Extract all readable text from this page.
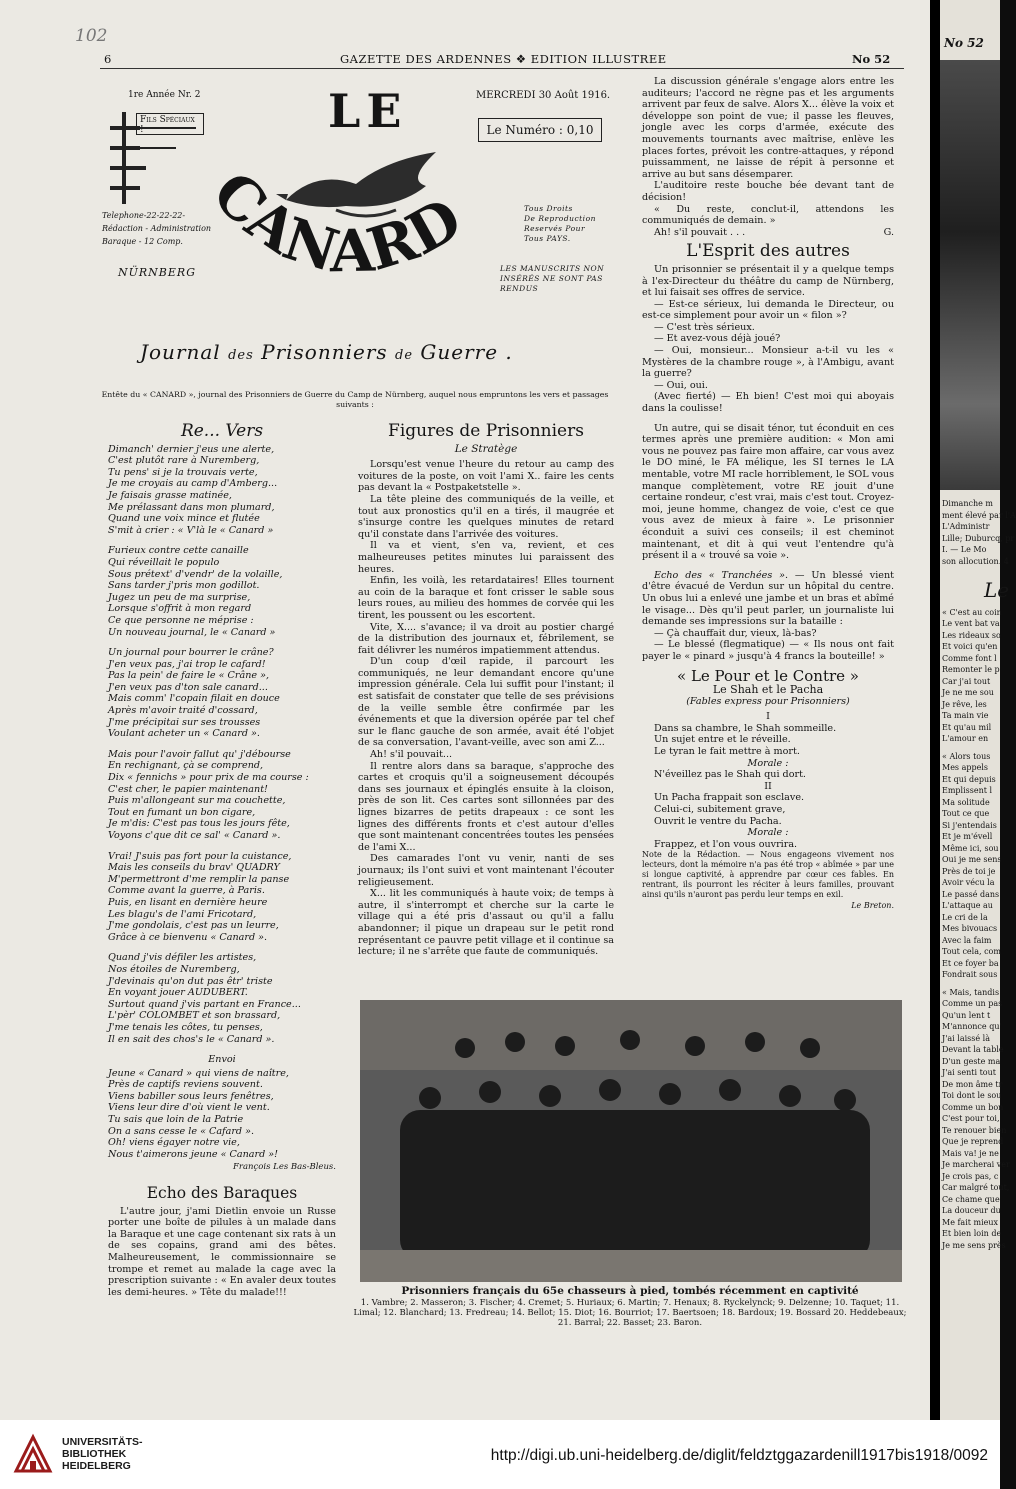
102
6	GAZETTE DES ARDENNES ❖ EDITION ILLUSTREE	No 52
1re Année Nr. 2	MERCREDI 30 Août 1916.
Fils Spéciaux !	Le Numéro : 0,10
LE
CANARD
Telephone-22-22-22-
Rédaction - Administration
Baraque - 12 Comp.
NÜRNBERG
Tous Droits
De Reproduction
Reservés Pour
Tous PAYS.
LES MANUSCRITS NON
INSÉRÉS NE SONT PAS RENDUS
Journal des Prisonniers de Guerre .
Entête du « CANARD », journal des Prisonniers de Guerre du Camp de Nürnberg, auquel nous empruntons les vers et passages suivants :
Re... Vers
Dimanch' dernier j'eus une alerte,
C'est plutôt rare à Nuremberg,
Tu pens' si je la trouvais verte,
Je me croyais au camp d'Amberg...
Je faisais grasse matinée,
Me prélassant dans mon plumard,
Quand une voix mince et flutée
S'mit à crier : « V'là le « Canard »
Furieux contre cette canaille
Qui réveillait le populo
Sous prétext' d'vendr' de la volaille,
Sans tarder j'pris mon godillot.
Jugez un peu de ma surprise,
Lorsque s'offrit à mon regard
Ce que personne ne méprise :
Un nouveau journal, le « Canard »
Un journal pour bourrer le crâne?
J'en veux pas, j'ai trop le cafard!
Pas la pein' de faire le « Crâne »,
J'en veux pas d'ton sale canard...
Mais comm' l'copain filait en douce
Après m'avoir traité d'cossard,
J'me précipitai sur ses trousses
Voulant acheter un « Canard ».
Mais pour l'avoir fallut qu' j'débourse
En rechignant, çà se comprend,
Dix « fennichs » pour prix de ma course :
C'est cher, le papier maintenant!
Puis m'allongeant sur ma couchette,
Tout en fumant un bon cigare,
Je m'dis: C'est pas tous les jours fête,
Voyons c'que dit ce sal' « Canard ».
Vrai! J'suis pas fort pour la cuistance,
Mais les conseils du brav' QUADRY
M'permettront d'me remplir la panse
Comme avant la guerre, à Paris.
Puis, en lisant en dernière heure
Les blagu's de l'ami Fricotard,
J'me gondolais, c'est pas un leurre,
Grâce à ce bienvenu « Canard ».
Quand j'vis défiler les artistes,
Nos étoiles de Nuremberg,
J'devinais qu'on dut pas êtr' triste
En voyant jouer AUDUBERT.
Surtout quand j'vis partant en France...
L'pèr' COLOMBET et son brassard,
J'me tenais les côtes, tu penses,
Il en sait des chos's le « Canard ».
Envoi
Jeune « Canard » qui viens de naître,
Près de captifs reviens souvent.
Viens babiller sous leurs fenêtres,
Viens leur dire d'où vient le vent.
Tu sais que loin de la Patrie
On a sans cesse le « Cafard ».
Oh! viens égayer notre vie,
Nous t'aimerons jeune « Canard »!
François Les Bas-Bleus.
Echo des Baraques

L'autre jour, j'ami Dietlin envoie un Russe porter une boîte de pilules à un malade dans la Baraque et une cage contenant six rats à un de ses copains, grand ami des bêtes. Malheureusement, le commissionnaire se trompe et remet au malade la cage avec la prescription suivante : « En avaler deux toutes les demi-heures. » Tête du malade!!!

Figures de Prisonniers
Le Stratège

Lorsqu'est venue l'heure du retour au camp des voitures de la poste, on voit l'ami X.. faire les cents pas devant la « Postpaketstelle ».

La tête pleine des communiqués de la veille, et tout aux pronostics qu'il en a tirés, il maugrée et s'insurge contre les quelques minutes de retard qu'il constate dans l'arrivée des voitures.

Il va et vient, s'en va, revient, et ces malheureuses petites minutes lui paraissent des heures.

Enfin, les voilà, les retardataires! Elles tournent au coin de la baraque et font crisser le sable sous leurs roues, au milieu des hommes de corvée qui les tirent, les poussent ou les escortent.

Vite, X.... s'avance; il va droit au postier chargé de la distribution des journaux et, fébrilement, se fait délivrer les numéros impatiemment attendus.

D'un coup d'œil rapide, il parcourt les communiqués, ne leur demandant encore qu'une impression générale. Cela lui suffit pour l'instant; il est satisfait de constater que telle de ses prévisions de la veille semble être confirmée par les événements et que la diversion opérée par tel chef sur le flanc gauche de son armée, avait été l'objet de sa conversation, l'avant-veille, avec son ami Z...

Ah! s'il pouvait...

Il rentre alors dans sa baraque, s'approche des cartes et croquis qu'il a soigneusement découpés dans ses journaux et épinglés ensuite à la cloison, près de son lit. Ces cartes sont sillonnées par des lignes bizarres de petits drapeaux : ce sont les lignes des différents fronts et c'est autour d'elles que sont maintenant concentrées toutes les pensées de l'ami X...

Des camarades l'ont vu venir, nanti de ses journaux; ils l'ont suivi et vont maintenant l'écouter religieusement.

X... lit les communiqués à haute voix; de temps à autre, il s'interrompt et cherche sur la carte le village qui a été pris d'assaut ou qu'il a fallu abandonner; il pique un drapeau sur le petit rond représentant ce pauvre petit village et il continue sa lecture; il ne s'arrête que faute de communiqués.

La discussion générale s'engage alors entre les auditeurs; l'accord ne règne pas et les arguments arrivent par feux de salve. Alors X... élève la voix et développe son point de vue; il passe les fleuves, jongle avec les corps d'armée, exécute des mouvements tournants avec maîtrise, enlève les places fortes, prévoit les contre-attaques, y répond puissamment, ne laisse de répit à personne et arrive au but sans désemparer.

L'auditoire reste bouche bée devant tant de décision!

« Du reste, conclut-il, attendons les communiqués de demain. »

Ah! s'il pouvait . . .	G.

L'Esprit des autres

Un prisonnier se présentait il y a quelque temps à l'ex-Directeur du théâtre du camp de Nürnberg, et lui faisait ses offres de service.

— Est-ce sérieux, lui demanda le Directeur, ou est-ce simplement pour avoir un « filon »?

— C'est très sérieux.

— Et avez-vous déjà joué?

— Oui, monsieur... Monsieur a-t-il vu les « Mystères de la chambre rouge », à l'Ambigu, avant la guerre?

— Oui, oui.

(Avec fierté) — Eh bien! C'est moi qui aboyais dans la coulisse!

Un autre, qui se disait ténor, tut éconduit en ces termes après une première audition: « Mon ami vous ne pouvez pas faire mon affaire, car vous avez le DO miné, le FA mélique, les SI ternes le LA mentable, votre MI racle horriblement, le SOL vous manque complètement, votre RE jouit d'une certaine rondeur, c'est vrai, mais c'est tout. Croyez-moi, jeune homme, changez de voie, c'est ce que vous avez de mieux à faire ». Le prisonnier éconduit a suivi ces conseils; il est cheminot maintenant, et dit à qui veut l'entendre qu'à présent il a « trouvé sa voie ».

Echo des « Tranchées ». — Un blessé vient d'être évacué de Verdun sur un hôpital du centre. Un obus lui a enlevé une jambe et un bras et abîmé le visage... Dès qu'il peut parler, un journaliste lui demande ses impressions sur la bataille :

— Çà chauffait dur, vieux, là-bas?

— Le blessé (flegmatique) — « Ils nous ont fait payer le « pinard » jusqu'à 4 francs la bouteille! »

« Le Pour et le Contre »
Le Shah et le Pacha
(Fables express pour Prisonniers)
I
Dans sa chambre, le Shah sommeille.
Un sujet entre et le réveille.
Le tyran le fait mettre à mort.
Morale :
N'éveillez pas le Shah qui dort.
II
Un Pacha frappait son esclave.
Celui-ci, subitement grave,
Ouvrit le ventre du Pacha.
Morale :
Frappez, et l'on vous ouvrira.

Note de la Rédaction. — Nous engageons vivement nos lecteurs, dont la mémoire n'a pas été trop « abîmée » par une si longue captivité, à apprendre par cœur ces fables. En rentrant, ils pourront les réciter à leurs familles, prouvant ainsi qu'ils n'auront pas perdu leur temps en exil.

Le Breton.
Prisonniers français du 65e chasseurs à pied, tombés récemment en captivité
1. Vambre; 2. Masseron; 3. Fischer; 4. Cremet; 5. Huriaux; 6. Martin; 7. Henaux; 8. Ryckelynck; 9. Delzenne; 10. Taquet; 11. Limal; 12. Blanchard; 13. Fredreau; 14. Bellot; 15. Diot; 16. Bourriot; 17. Baertsoen; 18. Bardoux; 19. Bossard 20. Heddebeaux; 21. Barral; 22. Basset; 23. Baron.
No 52
Dimanche m
ment élevé par l'A
L'Administr
Lille; Duburcq, pr
I. — Le Mo
son allocution. 4
Le
« C'est au coin
Le vent bat va
Les rideaux so
Et voici qu'en
Comme font l
Remonter le p
Car j'ai tout
Je ne me sou
Je rêve, les
Ta main vie
Et qu'au mil
L'amour en
« Alors tous
Mes appels
Et qui depuis
Emplissent l
Ma solitude
Tout ce que
Si j'entendais
Et je m'évell
Même ici, sou
Oui je me sens
Près de toi je
Avoir vécu la
Le passé dans
L'attaque au
Le cri de la
Mes bivouacs
Avec la faim
Tout cela, com
Et ce foyer ba
Fondrait sous
« Mais, tandis
Comme un pas
Qu'un lent t
M'annonce qu'
J'ai laissé là
Devant la table
D'un geste ma
J'ai senti tout
De mon âme tr
Toi dont le sou
Comme un bon
C'est pour toi,
Te renouer bien
Que je reprend
Mais va! je ne
Je marcherai ver
Je crois pas, c
Car malgré tout,
Ce chame que
La douceur du
Me fait mieux
Et bien loin de
Je me sens près
UNIVERSITÄTS-
BIBLIOTHEK
HEIDELBERG
http://digi.ub.uni-heidelberg.de/diglit/feldztggazardenill1917bis1918/0092
